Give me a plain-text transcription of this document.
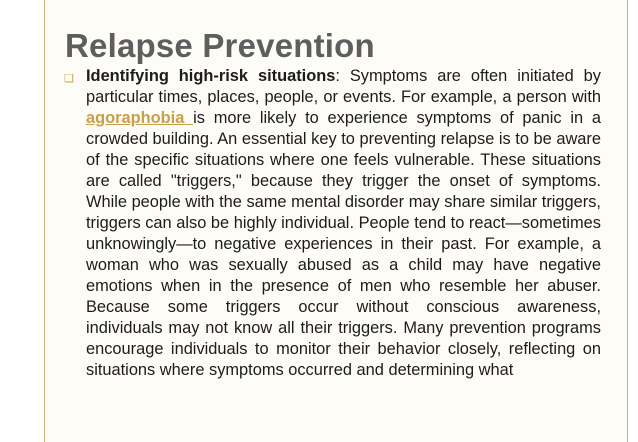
Relapse Prevention
❑ Identifying high-risk situations: Symptoms are often initiated by particular times, places, people, or events. For example, a person with agoraphobia is more likely to experience symptoms of panic in a crowded building. An essential key to preventing relapse is to be aware of the specific situations where one feels vulnerable. These situations are called "triggers," because they trigger the onset of symptoms. While people with the same mental disorder may share similar triggers, triggers can also be highly individual. People tend to react—sometimes unknowingly—to negative experiences in their past. For example, a woman who was sexually abused as a child may have negative emotions when in the presence of men who resemble her abuser. Because some triggers occur without conscious awareness, individuals may not know all their triggers. Many prevention programs encourage individuals to monitor their behavior closely, reflecting on situations where symptoms occurred and determining what
